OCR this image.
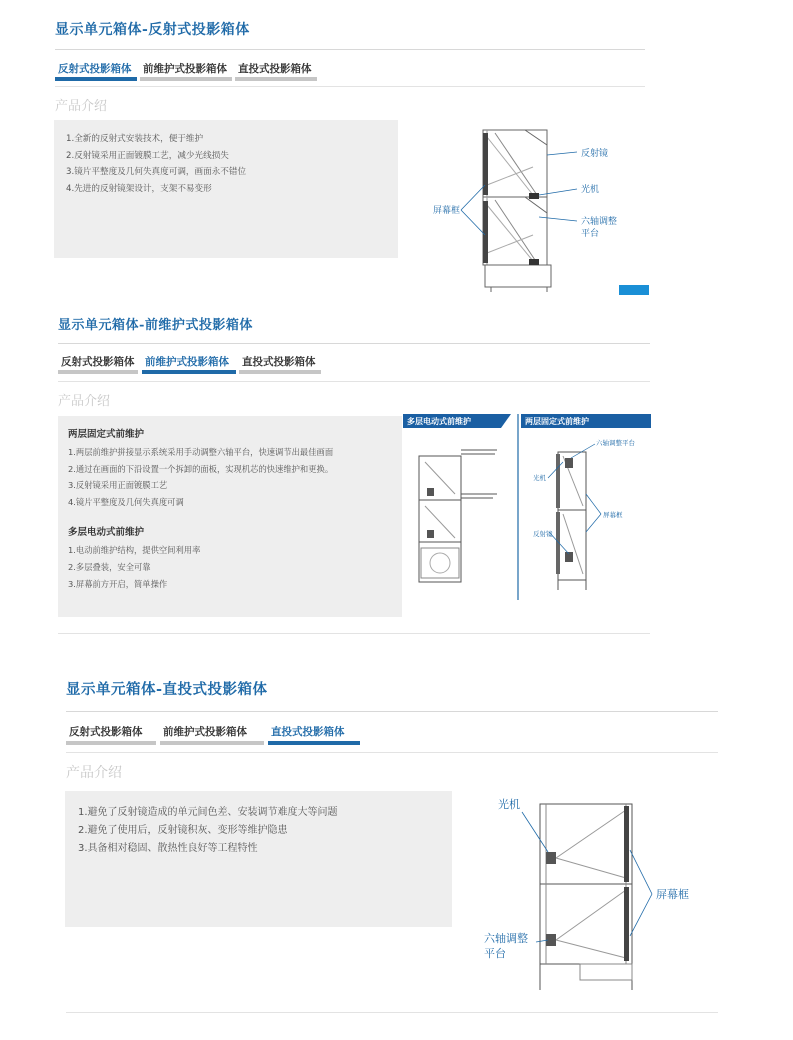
显示单元箱体-反射式投影箱体
反射式投影箱体	前维护式投影箱体	直投式投影箱体
产品介绍
1.全新的反射式安装技术，便于维护
2.反射镜采用正面镀膜工艺，减少光线损失
3.镜片平整度及几何失真度可调，画面永不错位
4.先进的反射镜架设计，支架不易变形
反射镜
光机
六轴调整
平台
屏幕框
显示单元箱体-前维护式投影箱体
反射式投影箱体	前维护式投影箱体	直投式投影箱体
产品介绍
两层固定式前维护
1.两层前维护拼接显示系统采用手动调整六轴平台，快速调节出最佳画面
2.通过在画面的下沿设置一个拆卸的面板，实现机芯的快速维护和更换。
3.反射镜采用正面镀膜工艺
4.镜片平整度及几何失真度可调
多层电动式前维护
1.电动前维护结构，提供空间利用率
2.多层叠装，安全可靠
3.屏幕前方开启，简单操作
多层电动式前维护	两层固定式前维护
六轴调整平台
光机
屏幕框
反射镜
显示单元箱体-直投式投影箱体
反射式投影箱体	前维护式投影箱体	直投式投影箱体
产品介绍
1.避免了反射镜造成的单元间色差、安装调节难度大等问题
2.避免了使用后，反射镜积灰、变形等维护隐患
3.具备相对稳固、散热性良好等工程特性
光机
屏幕框
六轴调整
平台
